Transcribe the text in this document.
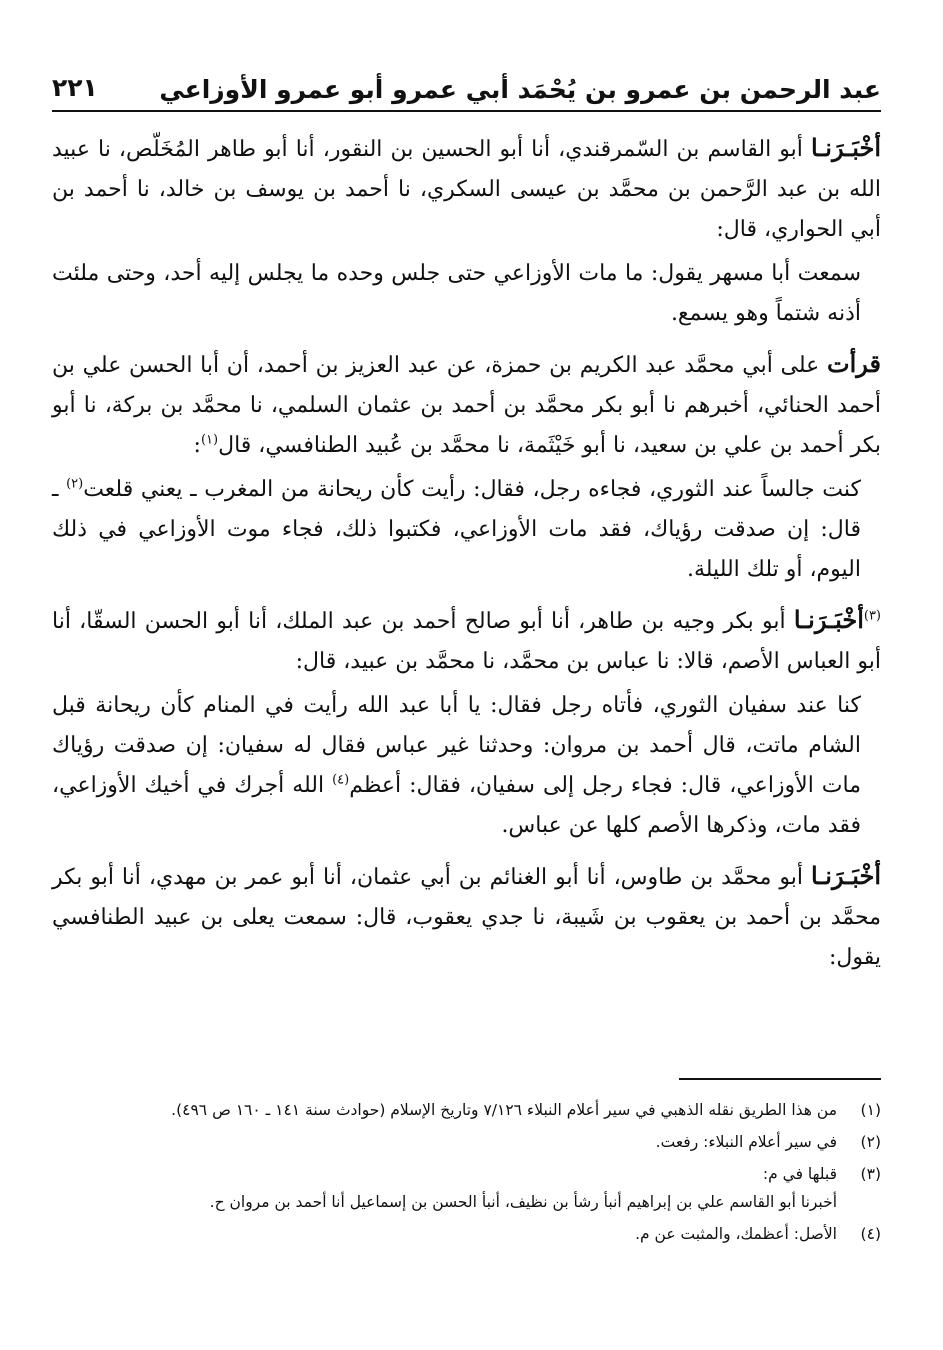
عبد الرحمن بن عمرو بن يُحْمَد أبي عمرو أبو عمرو الأوزاعي
٢٢١

أخْبَـرَنـا أبو القاسم بن السّمرقندي، أنا أبو الحسين بن النقور، أنا أبو طاهر المُخَلّص، نا عبيد الله بن عبد الرَّحمن بن محمَّد بن عيسى السكري، نا أحمد بن يوسف بن خالد، نا أحمد بن أبي الحواري، قال:

سمعت أبا مسهر يقول: ما مات الأوزاعي حتى جلس وحده ما يجلس إليه أحد، وحتى ملئت أذنه شتماً وهو يسمع.

قرأت على أبي محمَّد عبد الكريم بن حمزة، عن عبد العزيز بن أحمد، أن أبا الحسن علي بن أحمد الحنائي، أخبرهم نا أبو بكر محمَّد بن أحمد بن عثمان السلمي، نا محمَّد بن بركة، نا أبو بكر أحمد بن علي بن سعيد، نا أبو خَيْثَمة، نا محمَّد بن عُبيد الطنافسي، قال$^{(١)}$:

كنت جالساً عند الثوري، فجاءه رجل، فقال: رأيت كأن ريحانة من المغرب ـ يعني قلعت$^{(٢)}$ ـ قال: إن صدقت رؤياك، فقد مات الأوزاعي، فكتبوا ذلك، فجاء موت الأوزاعي في ذلك اليوم، أو تلك الليلة.

$^{(٣)}$أخْبَـرَنـا أبو بكر وجيه بن طاهر، أنا أبو صالح أحمد بن عبد الملك، أنا أبو الحسن السقّا، أنا أبو العباس الأصم، قالا: نا عباس بن محمَّد، نا محمَّد بن عبيد، قال:

كنا عند سفيان الثوري، فأتاه رجل فقال: يا أبا عبد الله رأيت في المنام كأن ريحانة قبل الشام ماتت، قال أحمد بن مروان: وحدثنا غير عباس فقال له سفيان: إن صدقت رؤياك مات الأوزاعي، قال: فجاء رجل إلى سفيان، فقال: أعظم$^{(٤)}$ الله أجرك في أخيك الأوزاعي، فقد مات، وذكرها الأصم كلها عن عباس.

أخْبَـرَنـا أبو محمَّد بن طاوس، أنا أبو الغنائم بن أبي عثمان، أنا أبو عمر بن مهدي، أنا أبو بكر محمَّد بن أحمد بن يعقوب بن شَيبة، نا جدي يعقوب، قال: سمعت يعلى بن عبيد الطنافسي يقول:

(١)
من هذا الطريق نقله الذهبي في سير أعلام النبلاء ٧/١٢٦ وتاريخ الإسلام (حوادث سنة ١٤١ ـ ١٦٠ ص ٤٩٦).
(٢)
في سير أعلام النبلاء: رفعت.
(٣)
قبلها في م:
أخبرنا أبو القاسم علي بن إبراهيم أنبأ رشأ بن نظيف، أنبأ الحسن بن إسماعيل أنا أحمد بن مروان ح.
(٤)
الأصل: أعظمك، والمثبت عن م.
